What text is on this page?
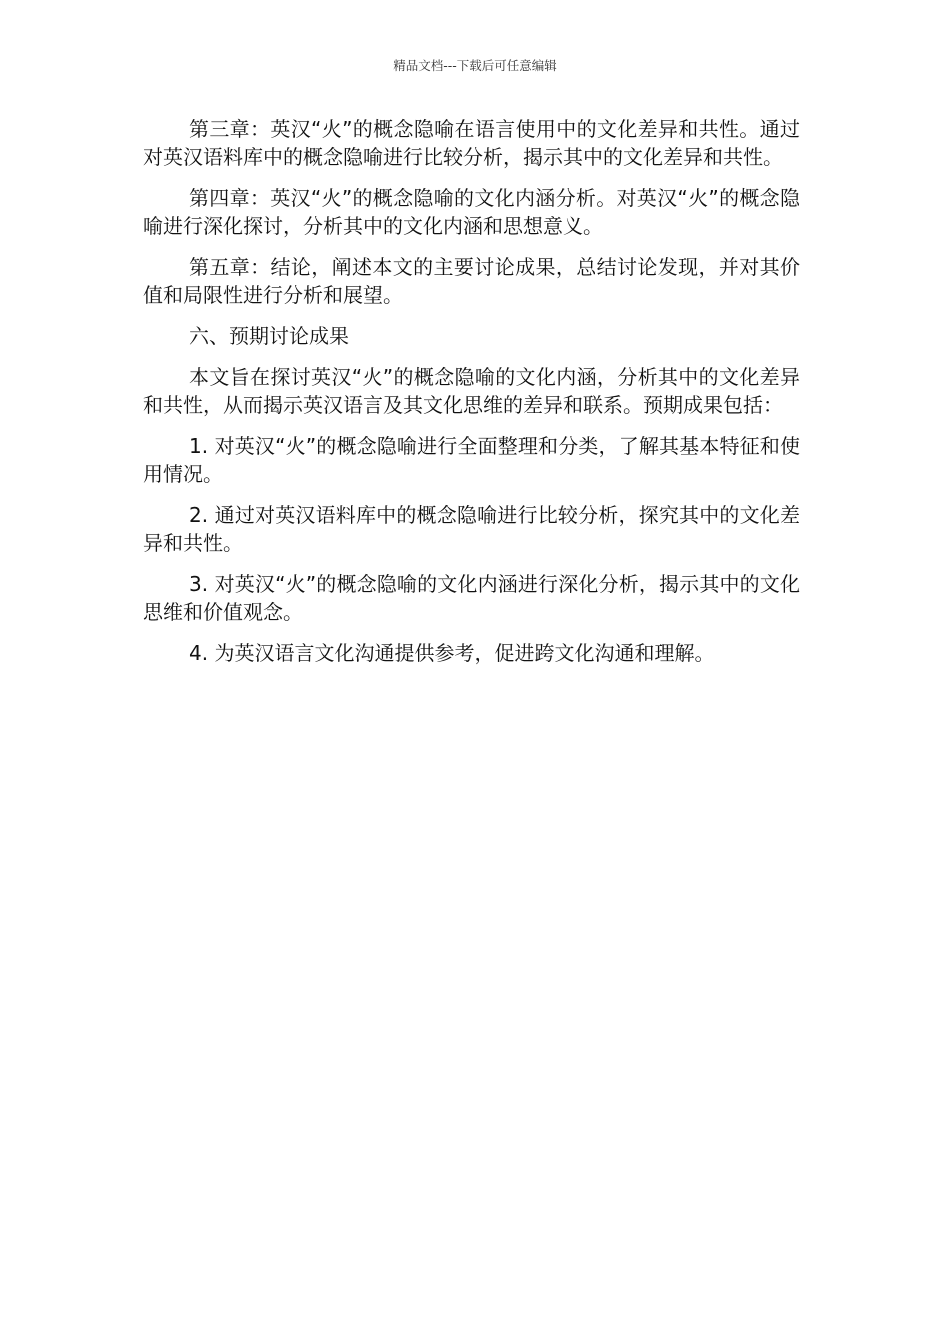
精品文档---下载后可任意编辑

第三章：英汉“火”的概念隐喻在语言使用中的文化差异和共性。通过对英汉语料库中的概念隐喻进行比较分析，揭示其中的文化差异和共性。

第四章：英汉“火”的概念隐喻的文化内涵分析。对英汉“火”的概念隐喻进行深化探讨，分析其中的文化内涵和思想意义。

第五章：结论，阐述本文的主要讨论成果，总结讨论发现，并对其价值和局限性进行分析和展望。

六、预期讨论成果

本文旨在探讨英汉“火”的概念隐喻的文化内涵，分析其中的文化差异和共性，从而揭示英汉语言及其文化思维的差异和联系。预期成果包括：

1. 对英汉“火”的概念隐喻进行全面整理和分类，了解其基本特征和使用情况。

2. 通过对英汉语料库中的概念隐喻进行比较分析，探究其中的文化差异和共性。

3. 对英汉“火”的概念隐喻的文化内涵进行深化分析，揭示其中的文化思维和价值观念。

4. 为英汉语言文化沟通提供参考，促进跨文化沟通和理解。
